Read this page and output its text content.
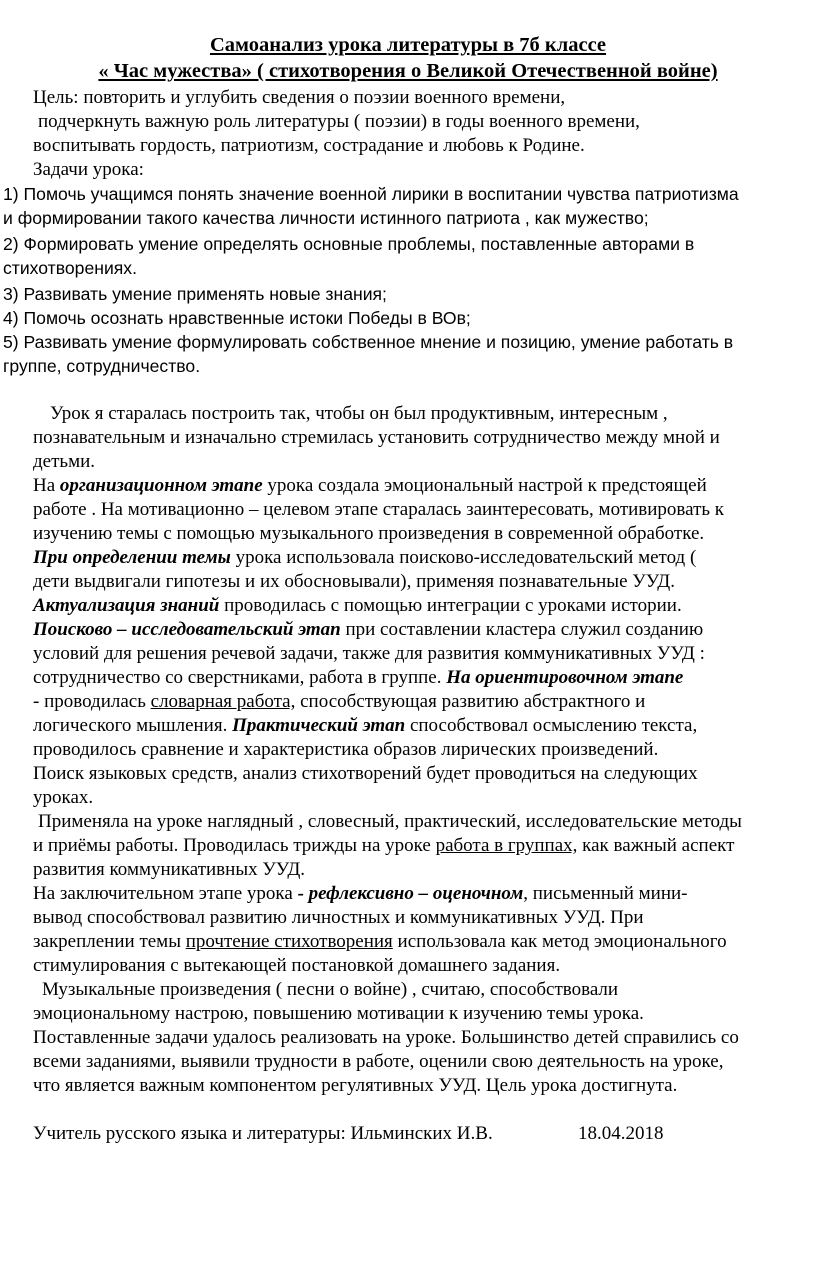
Самоанализ урока литературы в 7б классе
« Час мужества» ( стихотворения о Великой Отечественной войне)
Цель: повторить и углубить сведения о поэзии военного времени,
подчеркнуть важную роль литературы ( поэзии) в годы военного времени,
воспитывать гордость, патриотизм, сострадание и любовь к Родине.
Задачи урока:
1) Помочь учащимся понять значение военной лирики в воспитании чувства патриотизма
и формировании такого качества личности истинного патриота , как мужество;
2) Формировать умение определять основные проблемы, поставленные авторами в
стихотворениях.
3) Развивать умение применять новые знания;
4) Помочь осознать нравственные истоки Победы в ВОв;
5) Развивать умение формулировать собственное мнение и позицию, умение работать в
группе, сотрудничество.
Урок я старалась построить так, чтобы он был продуктивным, интересным ,
познавательным и изначально стремилась установить сотрудничество между мной и
детьми.
На организационном этапе урока создала эмоциональный настрой к предстоящей
работе . На мотивационно – целевом этапе старалась заинтересовать, мотивировать к
изучению темы с помощью музыкального произведения в современной обработке.
При определении темы урока использовала поисково-исследовательский метод (
дети выдвигали гипотезы и их обосновывали), применяя познавательные УУД.
Актуализация знаний проводилась с помощью интеграции с уроками истории.
Поисково – исследовательский этап при составлении кластера служил созданию
условий для решения речевой задачи, также для развития коммуникативных УУД :
сотрудничество со сверстниками, работа в группе. На ориентировочном этапе
- проводилась словарная работа, способствующая развитию абстрактного и
логического мышления. Практический этап способствовал осмыслению текста,
проводилось сравнение и характеристика образов лирических произведений.
Поиск языковых средств, анализ стихотворений будет проводиться на следующих
уроках.
Применяла на уроке наглядный , словесный, практический, исследовательские методы
и приёмы работы. Проводилась трижды на уроке работа в группах, как важный аспект
развития коммуникативных УУД.
На заключительном этапе урока - рефлексивно – оценочном, письменный мини-
вывод способствовал развитию личностных и коммуникативных УУД. При
закреплении темы прочтение стихотворения использовала как метод эмоционального
стимулирования с вытекающей постановкой домашнего задания.
Музыкальные произведения ( песни о войне) , считаю, способствовали
эмоциональному настрою, повышению мотивации к изучению темы урока.
Поставленные задачи удалось реализовать на уроке. Большинство детей справились со
всеми заданиями, выявили трудности в работе, оценили свою деятельность на уроке,
что является важным компонентом регулятивных УУД. Цель урока достигнута.
Учитель русского языка и литературы: Ильминских И.В.	18.04.2018
